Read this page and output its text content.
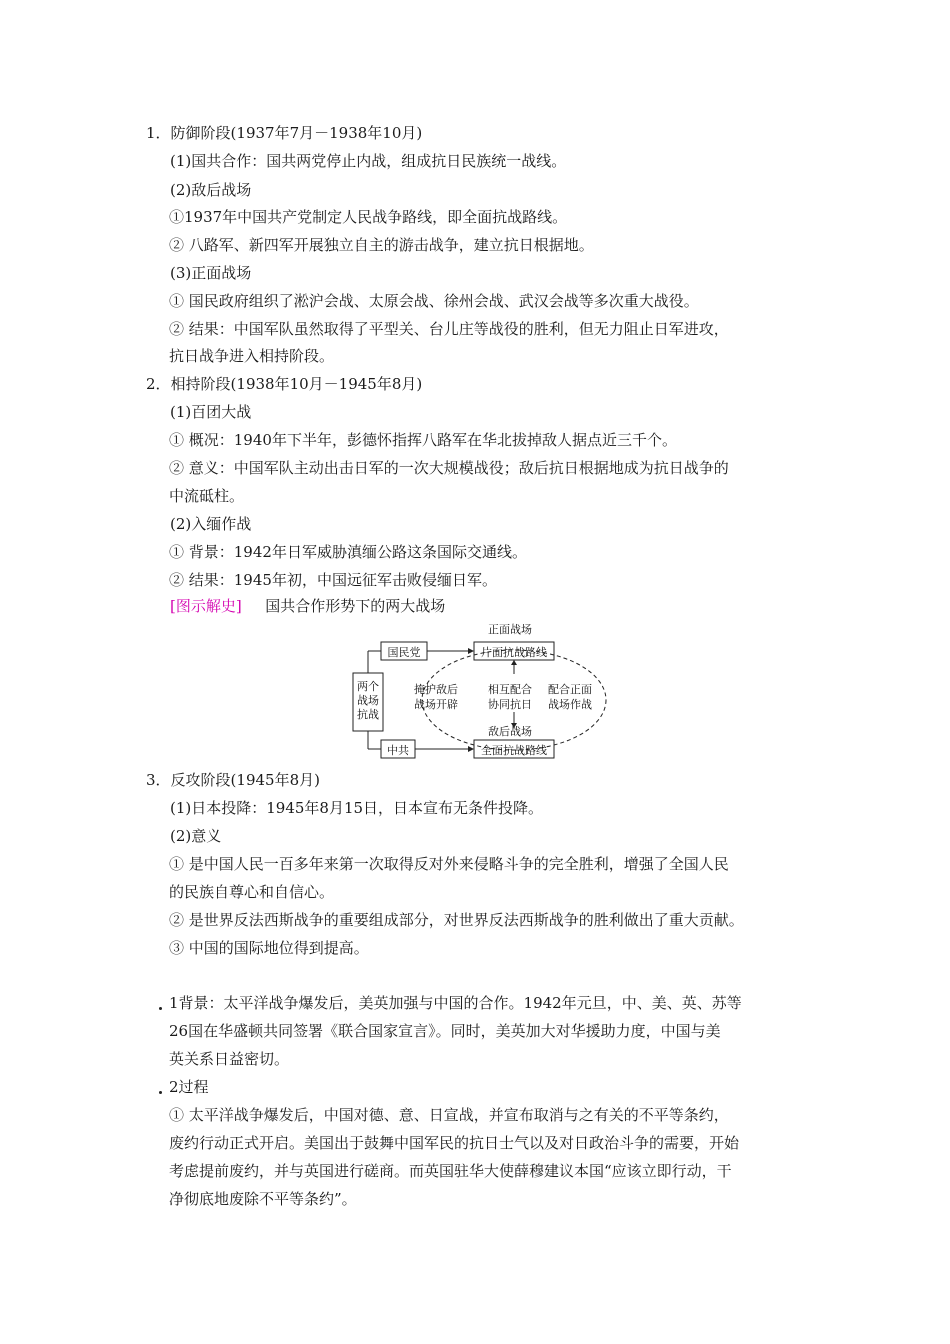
1．防御阶段(1937年7月－1938年10月)
(1)国共合作：国共两党停止内战，组成抗日民族统一战线。
(2)敌后战场
①1937年中国共产党制定人民战争路线，即全面抗战路线。
② 八路军、新四军开展独立自主的游击战争，建立抗日根据地。
(3)正面战场
① 国民政府组织了淞沪会战、太原会战、徐州会战、武汉会战等多次重大战役。
② 结果：中国军队虽然取得了平型关、台儿庄等战役的胜利，但无力阻止日军进攻，
抗日战争进入相持阶段。
2．相持阶段(1938年10月－1945年8月)
(1)百团大战
① 概况：1940年下半年，彭德怀指挥八路军在华北拔掉敌人据点近三千个。
② 意义：中国军队主动出击日军的一次大规模战役；敌后抗日根据地成为抗日战争的
中流砥柱。
(2)入缅作战
① 背景：1942年日军威胁滇缅公路这条国际交通线。
② 结果：1945年初，中国远征军击败侵缅日军。
[图示解史] 国共合作形势下的两大战场
两个
战场
抗战
国民党
中共
片面抗战路线
全面抗战路线
正面战场
敌后战场
掩护敌后
战场开辟
相互配合
协同抗日
配合正面
战场作战
3．反攻阶段(1945年8月)
(1)日本投降：1945年8月15日，日本宣布无条件投降。
(2)意义
① 是中国人民一百多年来第一次取得反对外来侵略斗争的完全胜利，增强了全国人民
的民族自尊心和自信心。
② 是世界反法西斯战争的重要组成部分，对世界反法西斯战争的胜利做出了重大贡献。
③ 中国的国际地位得到提高。
1背景：太平洋战争爆发后，美英加强与中国的合作。1942年元旦，中、美、英、苏等
26国在华盛顿共同签署《联合国家宣言》。同时，美英加大对华援助力度，中国与美
英关系日益密切。
2过程
① 太平洋战争爆发后，中国对德、意、日宣战，并宣布取消与之有关的不平等条约，
废约行动正式开启。美国出于鼓舞中国军民的抗日士气以及对日政治斗争的需要，开始
考虑提前废约，并与英国进行磋商。而英国驻华大使薛穆建议本国“应该立即行动，干
净彻底地废除不平等条约”。
